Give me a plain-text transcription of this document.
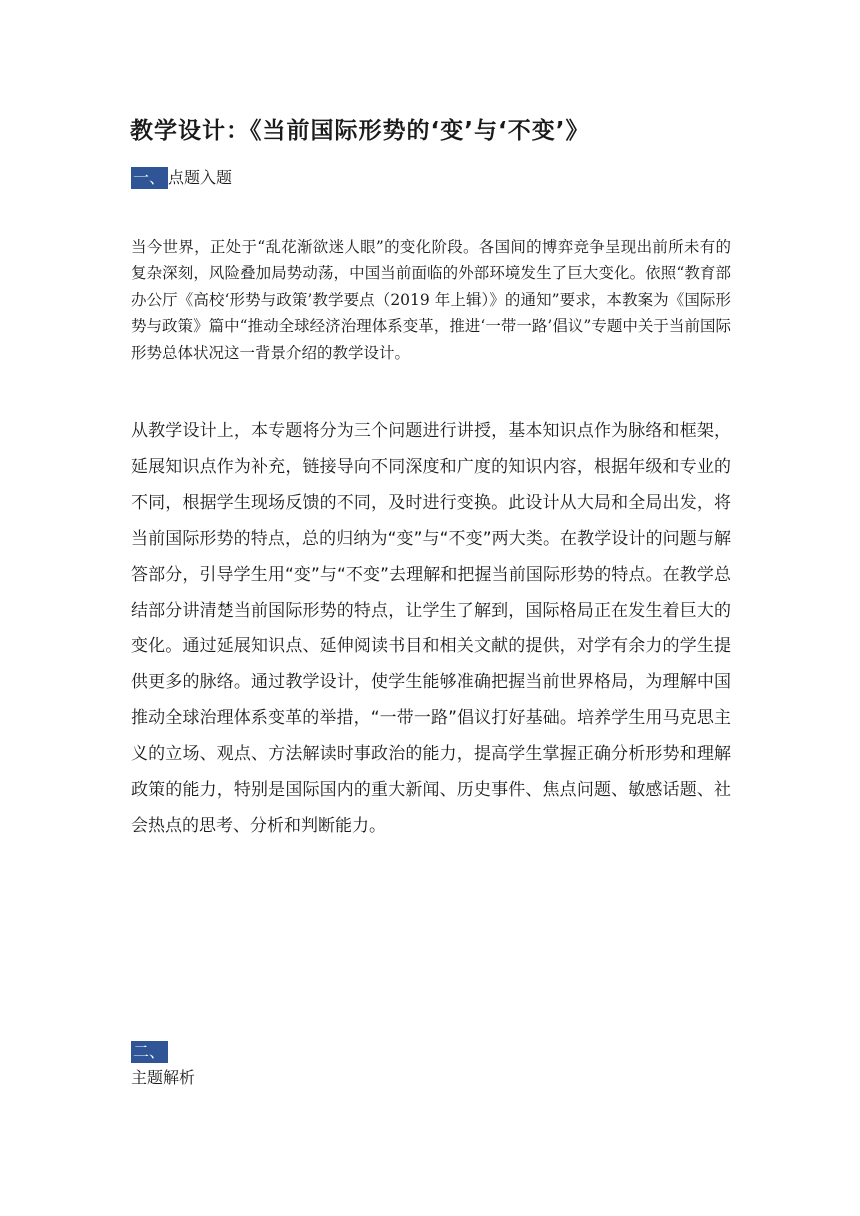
教学设计：《当前国际形势的‘变’与‘不变’》
一、 点题入题

当今世界，正处于“乱花渐欲迷人眼”的变化阶段。各国间的博弈竞争呈现出前所未有的复杂深刻，风险叠加局势动荡，中国当前面临的外部环境发生了巨大变化。依照“教育部办公厅《高校‘形势与政策’教学要点（2019 年上辑）》的通知”要求，本教案为《国际形势与政策》篇中“推动全球经济治理体系变革，推进‘一带一路’倡议”专题中关于当前国际形势总体状况这一背景介绍的教学设计。

从教学设计上，本专题将分为三个问题进行讲授，基本知识点作为脉络和框架，延展知识点作为补充，链接导向不同深度和广度的知识内容，根据年级和专业的不同，根据学生现场反馈的不同，及时进行变换。此设计从大局和全局出发，将当前国际形势的特点，总的归纳为“变”与“不变”两大类。在教学设计的问题与解答部分，引导学生用“变”与“不变”去理解和把握当前国际形势的特点。在教学总结部分讲清楚当前国际形势的特点，让学生了解到，国际格局正在发生着巨大的变化。通过延展知识点、延伸阅读书目和相关文献的提供，对学有余力的学生提供更多的脉络。通过教学设计，使学生能够准确把握当前世界格局，为理解中国推动全球治理体系变革的举措，“一带一路”倡议打好基础。培养学生用马克思主义的立场、观点、方法解读时事政治的能力，提高学生掌握正确分析形势和理解政策的能力，特别是国际国内的重大新闻、历史事件、焦点问题、敏感话题、社会热点的思考、分析和判断能力。

二、
主题解析
